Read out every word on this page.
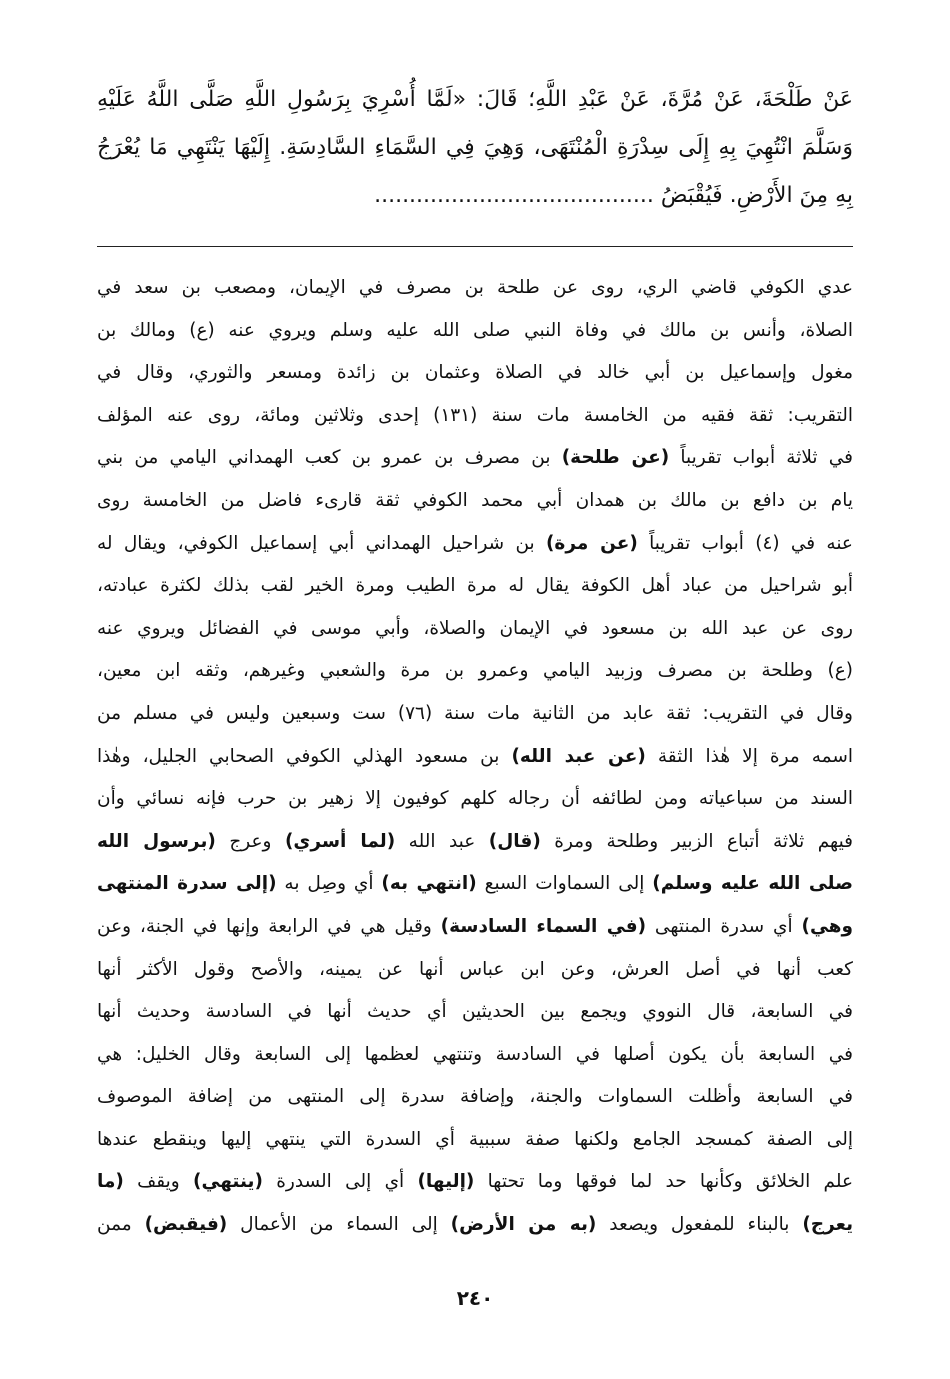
عَنْ طَلْحَةَ، عَنْ مُرَّةَ، عَنْ عَبْدِ اللَّهِ؛ قَالَ: «لَمَّا أُسْرِيَ بِرَسُولِ اللَّهِ صَلَّى اللَّهُ عَلَيْهِ
وَسَلَّمَ انْتُهِيَ بِهِ إِلَى سِدْرَةِ الْمُنْتَهَى، وَهِيَ فِي السَّمَاءِ السَّادِسَةِ. إِلَيْهَا يَنْتَهِي مَا يُعْرَجُ
بِهِ مِنَ الأَرْضِ. فَيُقْبَضُ ........................................
عدي الكوفي قاضي الري، روى عن طلحة بن مصرف في الإيمان، ومصعب بن سعد في
الصلاة، وأنس بن مالك في وفاة النبي صلى الله عليه وسلم ويروي عنه (ع) ومالك بن
مغول وإسماعيل بن أبي خالد في الصلاة وعثمان بن زائدة ومسعر والثوري، وقال في
التقريب: ثقة فقيه من الخامسة مات سنة (١٣١) إحدى وثلاثين ومائة، روى عنه المؤلف
في ثلاثة أبواب تقريباً (عن طلحة) بن مصرف بن عمرو بن كعب الهمداني اليامي من بني
يام بن دافع بن مالك بن همدان أبي محمد الكوفي ثقة قارىء فاضل من الخامسة روى
عنه في (٤) أبواب تقريباً (عن مرة) بن شراحيل الهمداني أبي إسماعيل الكوفي، ويقال له
أبو شراحيل من عباد أهل الكوفة يقال له مرة الطيب ومرة الخير لقب بذلك لكثرة عبادته،
روى عن عبد الله بن مسعود في الإيمان والصلاة، وأبي موسى في الفضائل ويروي عنه
(ع) وطلحة بن مصرف وزبيد اليامي وعمرو بن مرة والشعبي وغيرهم، وثقه ابن معين،
وقال في التقريب: ثقة عابد من الثانية مات سنة (٧٦) ست وسبعين وليس في مسلم من
اسمه مرة إلا هٰذا الثقة (عن عبد الله) بن مسعود الهذلي الكوفي الصحابي الجليل، وهٰذا
السند من سباعياته ومن لطائفه أن رجاله كلهم كوفيون إلا زهير بن حرب فإنه نسائي وأن
فيهم ثلاثة أتباع الزبير وطلحة ومرة (قال) عبد الله (لما أسري) وعرج (برسول الله
صلى الله عليه وسلم) إلى السماوات السبع (انتهي به) أي وصِل به (إلى سدرة المنتهى
وهي) أي سدرة المنتهى (في السماء السادسة) وقيل هي في الرابعة وإنها في الجنة، وعن
كعب أنها في أصل العرش، وعن ابن عباس أنها عن يمينه، والأصح وقول الأكثر أنها
في السابعة، قال النووي ويجمع بين الحديثين أي حديث أنها في السادسة وحديث أنها
في السابعة بأن يكون أصلها في السادسة وتنتهي لعظمها إلى السابعة وقال الخليل: هي
في السابعة وأظلت السماوات والجنة، وإضافة سدرة إلى المنتهى من إضافة الموصوف
إلى الصفة كمسجد الجامع ولكنها صفة سببية أي السدرة التي ينتهي إليها وينقطع عندها
علم الخلائق وكأنها حد لما فوقها وما تحتها (إليها) أي إلى السدرة (ينتهي) ويقف (ما
يعرج) بالبناء للمفعول ويصعد (به من الأرض) إلى السماء من الأعمال (فيقبض) ممن
٢٤٠
